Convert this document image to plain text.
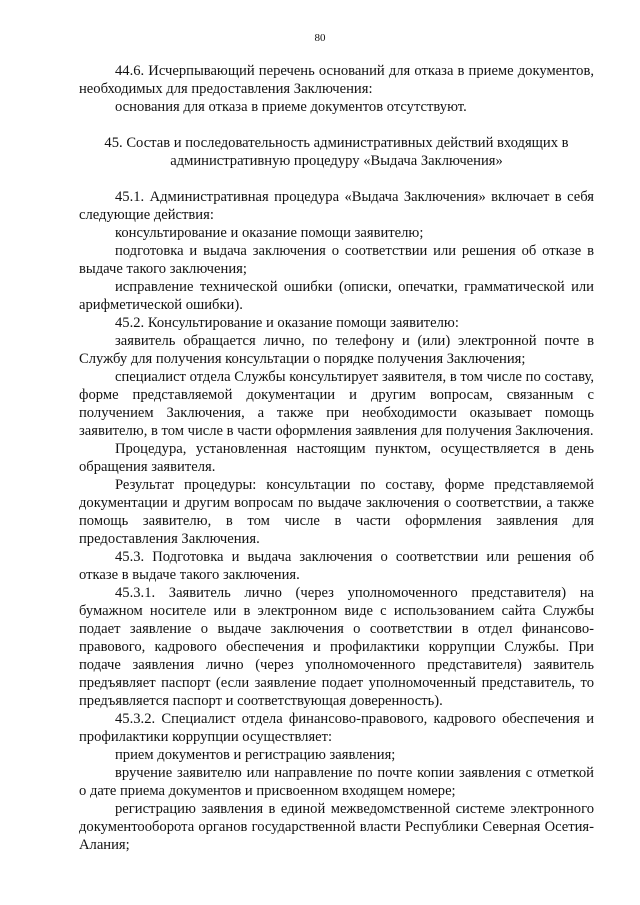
80

44.6. Исчерпывающий перечень оснований для отказа в приеме документов, необходимых для предоставления Заключения:

основания для отказа в приеме документов отсутствуют.

45. Состав и последовательность административных действий входящих в
административную процедуру «Выдача Заключения»

45.1. Административная процедура «Выдача Заключения» включает в себя следующие действия:

консультирование и оказание помощи заявителю;

подготовка и выдача заключения о соответствии или решения об отказе в выдаче такого заключения;

исправление технической ошибки (описки, опечатки, грамматической или арифметической ошибки).

45.2. Консультирование и оказание помощи заявителю:

заявитель обращается лично, по телефону и (или) электронной почте в Службу для получения консультации о порядке получения Заключения;

специалист отдела Службы консультирует заявителя, в том числе по составу, форме представляемой документации и другим вопросам, связанным с получением Заключения, а также при необходимости оказывает помощь заявителю, в том числе в части оформления заявления для получения Заключения.

Процедура, установленная настоящим пунктом, осуществляется в день обращения заявителя.

Результат процедуры: консультации по составу, форме представляемой документации и другим вопросам по выдаче заключения о соответствии, а также помощь заявителю, в том числе в части оформления заявления для предоставления Заключения.

45.3. Подготовка и выдача заключения о соответствии или решения об отказе в выдаче такого заключения.

45.3.1. Заявитель лично (через уполномоченного представителя) на бумажном носителе или в электронном виде с использованием сайта Службы подает заявление о выдаче заключения о соответствии в отдел финансово-правового, кадрового обеспечения и профилактики коррупции Службы. При подаче заявления лично (через уполномоченного представителя) заявитель предъявляет паспорт (если заявление подает уполномоченный представитель, то предъявляется паспорт и соответствующая доверенность).

45.3.2. Специалист отдела финансово-правового, кадрового обеспечения и профилактики коррупции осуществляет:

прием документов и регистрацию заявления;

вручение заявителю или направление по почте копии заявления с отметкой о дате приема документов и присвоенном входящем номере;

регистрацию заявления в единой межведомственной системе электронного документооборота органов государственной власти Республики Северная Осетия-Алания;
